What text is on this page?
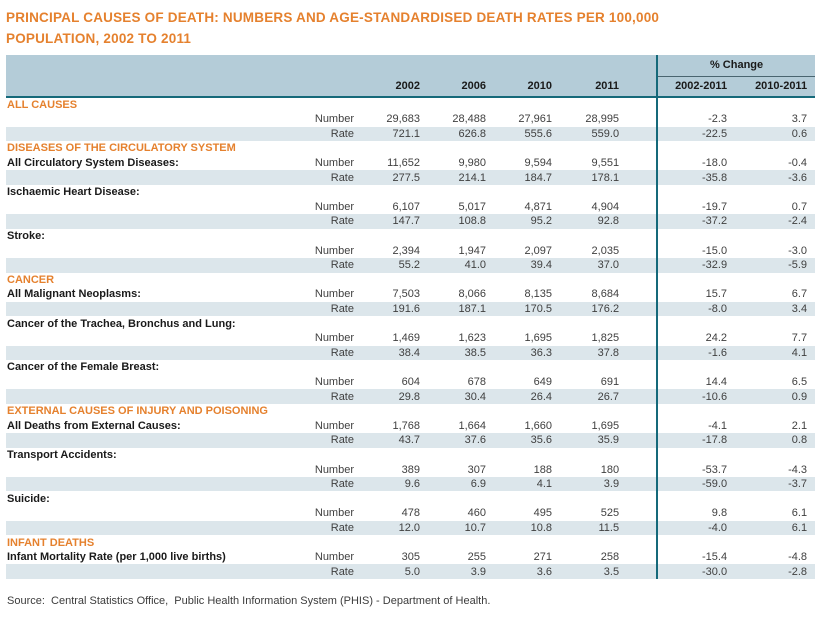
PRINCIPAL CAUSES OF DEATH: NUMBERS AND AGE-STANDARDISED DEATH RATES PER 100,000
POPULATION, 2002 TO 2011
						% Change	
		2002	2006	2010	2011	2002-2011	2010-2011
ALL CAUSES							
	Number	29,683	28,488	27,961	28,995	-2.3	3.7
	Rate	721.1	626.8	555.6	559.0	-22.5	0.6
DISEASES OF THE CIRCULATORY SYSTEM							
All Circulatory System Diseases:	Number	11,652	9,980	9,594	9,551	-18.0	-0.4
	Rate	277.5	214.1	184.7	178.1	-35.8	-3.6
Ischaemic Heart Disease:							
	Number	6,107	5,017	4,871	4,904	-19.7	0.7
	Rate	147.7	108.8	95.2	92.8	-37.2	-2.4
Stroke:							
	Number	2,394	1,947	2,097	2,035	-15.0	-3.0
	Rate	55.2	41.0	39.4	37.0	-32.9	-5.9
CANCER							
All Malignant Neoplasms:	Number	7,503	8,066	8,135	8,684	15.7	6.7
	Rate	191.6	187.1	170.5	176.2	-8.0	3.4
Cancer of the Trachea, Bronchus and Lung:							
	Number	1,469	1,623	1,695	1,825	24.2	7.7
	Rate	38.4	38.5	36.3	37.8	-1.6	4.1
Cancer of the Female Breast:							
	Number	604	678	649	691	14.4	6.5
	Rate	29.8	30.4	26.4	26.7	-10.6	0.9
EXTERNAL CAUSES OF INJURY AND POISONING							
All Deaths from External Causes:	Number	1,768	1,664	1,660	1,695	-4.1	2.1
	Rate	43.7	37.6	35.6	35.9	-17.8	0.8
Transport Accidents:							
	Number	389	307	188	180	-53.7	-4.3
	Rate	9.6	6.9	4.1	3.9	-59.0	-3.7
Suicide:							
	Number	478	460	495	525	9.8	6.1
	Rate	12.0	10.7	10.8	11.5	-4.0	6.1
INFANT DEATHS							
Infant Mortality Rate (per 1,000 live births)	Number	305	255	271	258	-15.4	-4.8
	Rate	5.0	3.9	3.6	3.5	-30.0	-2.8

Source:  Central Statistics Office,  Public Health Information System (PHIS) - Department of Health.
